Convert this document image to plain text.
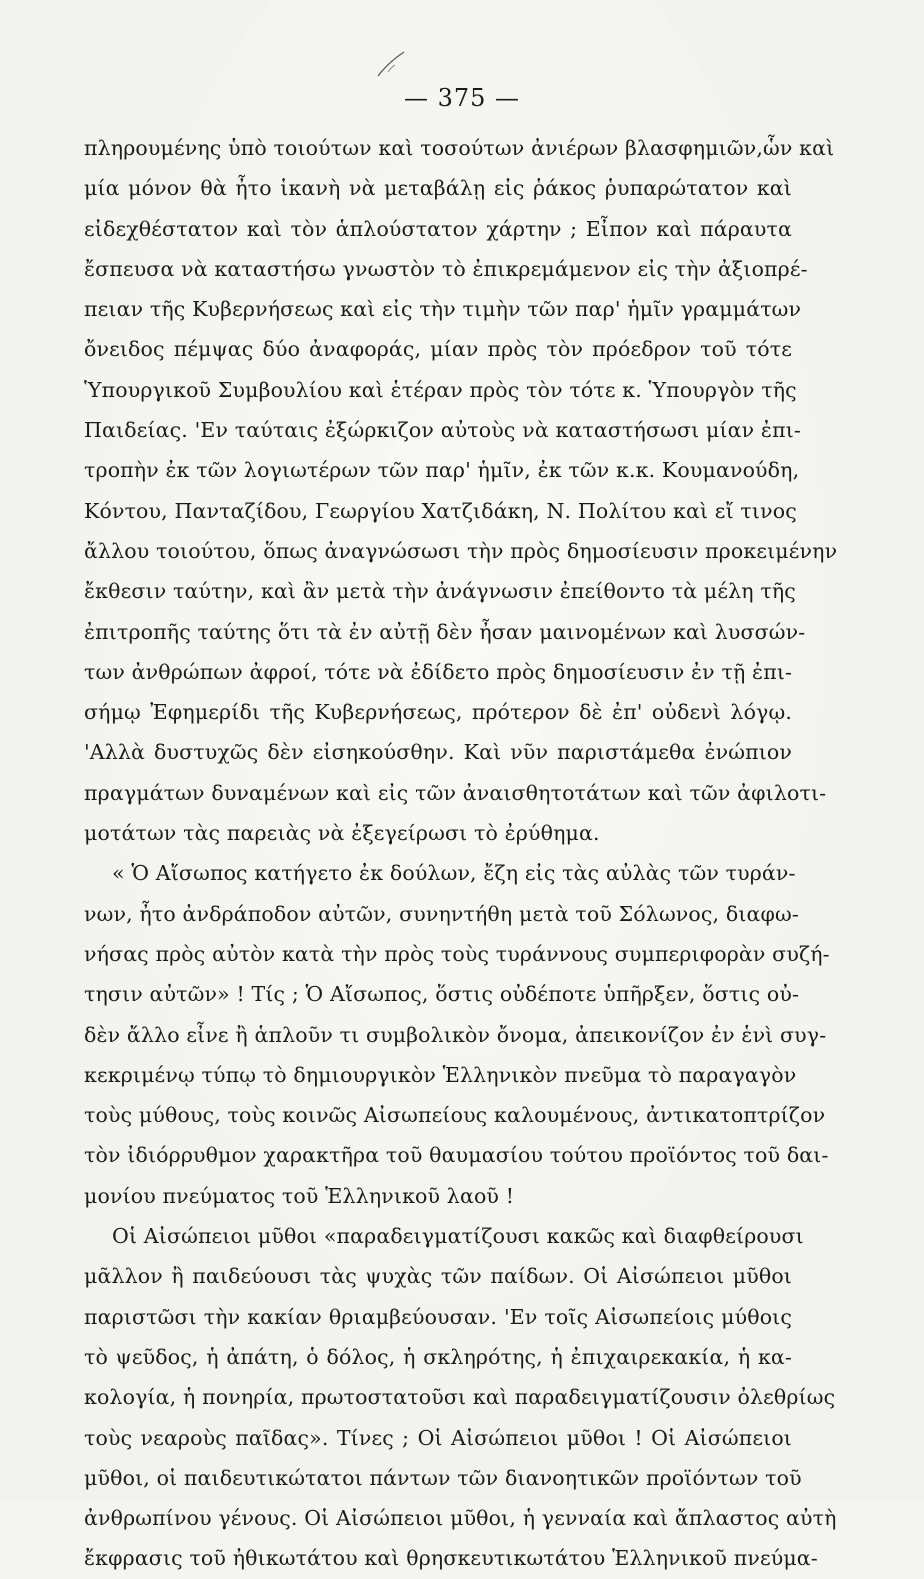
— 375 —
πληρουμένης ὑπὸ τοιούτων καὶ τοσούτων ἀνιέρων βλασφημιῶν,ὧν καὶ
μία μόνον θὰ ἦτο ἱκανὴ νὰ μεταβάλῃ εἰς ῥάκος ῥυπαρώτατον καὶ
εἰδεχθέστατον καὶ τὸν ἁπλούστατον χάρτην ; Εἶπον καὶ πάραυτα
ἔσπευσα νὰ καταστήσω γνωστὸν τὸ ἐπικρεμάμενον εἰς τὴν ἀξιοπρέ-
πειαν τῆς Κυβερνήσεως καὶ εἰς τὴν τιμὴν τῶν παρ' ἡμῖν γραμμάτων
ὄνειδος πέμψας δύο ἀναφοράς, μίαν πρὸς τὸν πρόεδρον τοῦ τότε
Ὑπουργικοῦ Συμβουλίου καὶ ἑτέραν πρὸς τὸν τότε κ. Ὑπουργὸν τῆς
Παιδείας. 'Εν ταύταις ἐξώρκιζον αὐτοὺς νὰ καταστήσωσι μίαν ἐπι-
τροπὴν ἐκ τῶν λογιωτέρων τῶν παρ' ἡμῖν, ἐκ τῶν κ.κ. Κουμανούδη,
Κόντου, Πανταζίδου, Γεωργίου Χατζιδάκη, Ν. Πολίτου καὶ εἴ τινος
ἄλλου τοιούτου, ὅπως ἀναγνώσωσι τὴν πρὸς δημοσίευσιν προκειμένην
ἔκθεσιν ταύτην, καὶ ἂν μετὰ τὴν ἀνάγνωσιν ἐπείθοντο τὰ μέλη τῆς
ἐπιτροπῆς ταύτης ὅτι τὰ ἐν αὐτῇ δὲν ἦσαν μαινομένων καὶ λυσσών-
των ἀνθρώπων ἀφροί, τότε νὰ ἐδίδετο πρὸς δημοσίευσιν ἐν τῇ ἐπι-
σήμῳ Ἐφημερίδι τῆς Κυβερνήσεως, πρότερον δὲ ἐπ' οὐδενὶ λόγῳ.
'Αλλὰ δυστυχῶς δὲν εἰσηκούσθην. Καὶ νῦν παριστάμεθα ἐνώπιον
πραγμάτων δυναμένων καὶ εἰς τῶν ἀναισθητοτάτων καὶ τῶν ἀφιλοτι-
μοτάτων τὰς παρειὰς νὰ ἐξεγείρωσι τὸ ἐρύθημα.
« Ὁ Αἴσωπος κατήγετο ἐκ δούλων, ἔζη εἰς τὰς αὐλὰς τῶν τυράν-
νων, ἦτο ἀνδράποδον αὐτῶν, συνηντήθη μετὰ τοῦ Σόλωνος, διαφω-
νήσας πρὸς αὐτὸν κατὰ τὴν πρὸς τοὺς τυράννους συμπεριφορὰν συζή-
τησιν αὐτῶν» ! Τίς ; Ὁ Αἴσωπος, ὅστις οὐδέποτε ὑπῆρξεν, ὅστις οὐ-
δὲν ἄλλο εἶνε ἢ ἁπλοῦν τι συμβολικὸν ὄνομα, ἀπεικονίζον ἐν ἑνὶ συγ-
κεκριμένῳ τύπῳ τὸ δημιουργικὸν Ἑλληνικὸν πνεῦμα τὸ παραγαγὸν
τοὺς μύθους, τοὺς κοινῶς Αἰσωπείους καλουμένους, ἀντικατοπτρίζον
τὸν ἰδιόρρυθμον χαρακτῆρα τοῦ θαυμασίου τούτου προϊόντος τοῦ δαι-
μονίου πνεύματος τοῦ Ἑλληνικοῦ λαοῦ !
Οἱ Αἰσώπειοι μῦθοι «παραδειγματίζουσι κακῶς καὶ διαφθείρουσι
μᾶλλον ἢ παιδεύουσι τὰς ψυχὰς τῶν παίδων. Οἱ Αἰσώπειοι μῦθοι
παριστῶσι τὴν κακίαν θριαμβεύουσαν. 'Εν τοῖς Αἰσωπείοις μύθοις
τὸ ψεῦδος, ἡ ἀπάτη, ὁ δόλος, ἡ σκληρότης, ἡ ἐπιχαιρεκακία, ἡ κα-
κολογία, ἡ πονηρία, πρωτοστατοῦσι καὶ παραδειγματίζουσιν ὀλεθρίως
τοὺς νεαροὺς παῖδας». Τίνες ; Οἱ Αἰσώπειοι μῦθοι ! Οἱ Αἰσώπειοι
μῦθοι, οἱ παιδευτικώτατοι πάντων τῶν διανοητικῶν προϊόντων τοῦ
ἀνθρωπίνου γένους. Οἱ Αἰσώπειοι μῦθοι, ἡ γενναία καὶ ἄπλαστος αὐτὴ
ἔκφρασις τοῦ ἠθικωτάτου καὶ θρησκευτικωτάτου Ἑλληνικοῦ πνεύμα-
